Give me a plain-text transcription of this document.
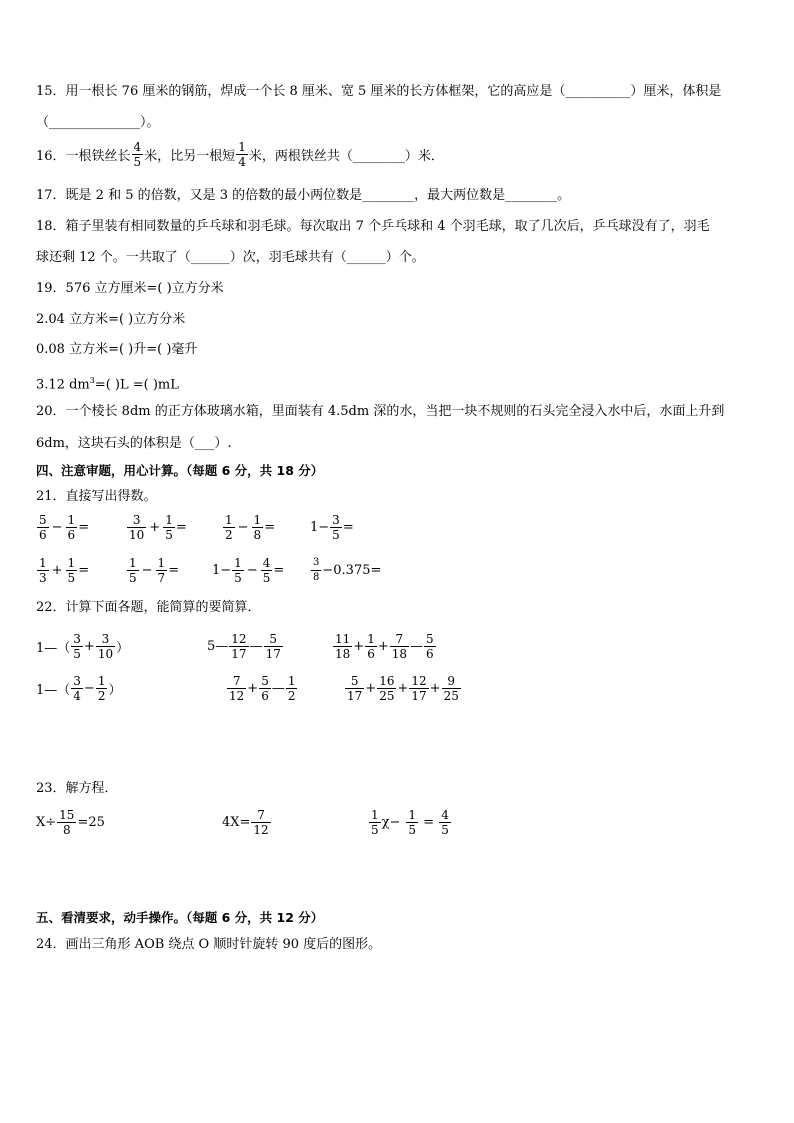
15．用一根长 76 厘米的钢筋，焊成一个长 8 厘米、宽 5 厘米的长方体框架，它的高应是（__________）厘米，体积是
（______________）。
16．一根铁丝长 $\frac{4}{5}$ 米，比另一根短 $\frac{1}{4}$ 米，两根铁丝共（________）米．
17．既是 2 和 5 的倍数，又是 3 的倍数的最小两位数是________，最大两位数是________。
18．箱子里装有相同数量的乒乓球和羽毛球。每次取出 7 个乒乓球和 4 个羽毛球，取了几次后，乒乓球没有了，羽毛
球还剩 12 个。一共取了（______）次，羽毛球共有（______）个。
19．576 立方厘米=( )立方分米
2.04 立方米=( )立方分米
0.08 立方米=( )升=( )毫升
3.12 $dm^3=$( )L =( )mL
20．一个棱长 8dm 的正方体玻璃水箱，里面装有 4.5dm 深的水，当把一块不规则的石头完全浸入水中后，水面上升到
6dm，这块石头的体积是（___）.
四、注意审题，用心计算。（每题 6 分，共 18 分）
21．直接写出得数。
$\frac{5}{6} - \frac{1}{6}$ =	$\frac{3}{10} + \frac{1}{5}$ =	$\frac{1}{2} - \frac{1}{8}$ =	$1- \frac{3}{5}$ =
$\frac{1}{3} + \frac{1}{5}$ =	$\frac{1}{5} - \frac{1}{7}$ =	$1- \frac{1}{5} - \frac{4}{5}$ =	$\frac{3}{8} -0.375=$
22．计算下面各题，能简算的要简算．
1—（ $\frac{3}{5} + \frac{3}{10}$ ）	5— $\frac{12}{17}$ — $\frac{5}{17}$	$\frac{11}{18} + \frac{1}{6} + \frac{7}{18}$ — $\frac{5}{6}$
1—（ $\frac{3}{4} - \frac{1}{2}$ ）	$\frac{7}{12} + \frac{5}{6}$ — $\frac{1}{2}$	$\frac{5}{17} + \frac{16}{25} + \frac{12}{17} + \frac{9}{25}$
23．解方程．
$X\div \frac{15}{8} =25$	$4X= \frac{7}{12}$	$\frac{1}{5} \chi- \frac{1}{5} = \frac{4}{5}$
五、看清要求，动手操作。（每题 6 分，共 12 分）
24．画出三角形 AOB 绕点 O 顺时针旋转 90 度后的图形。
